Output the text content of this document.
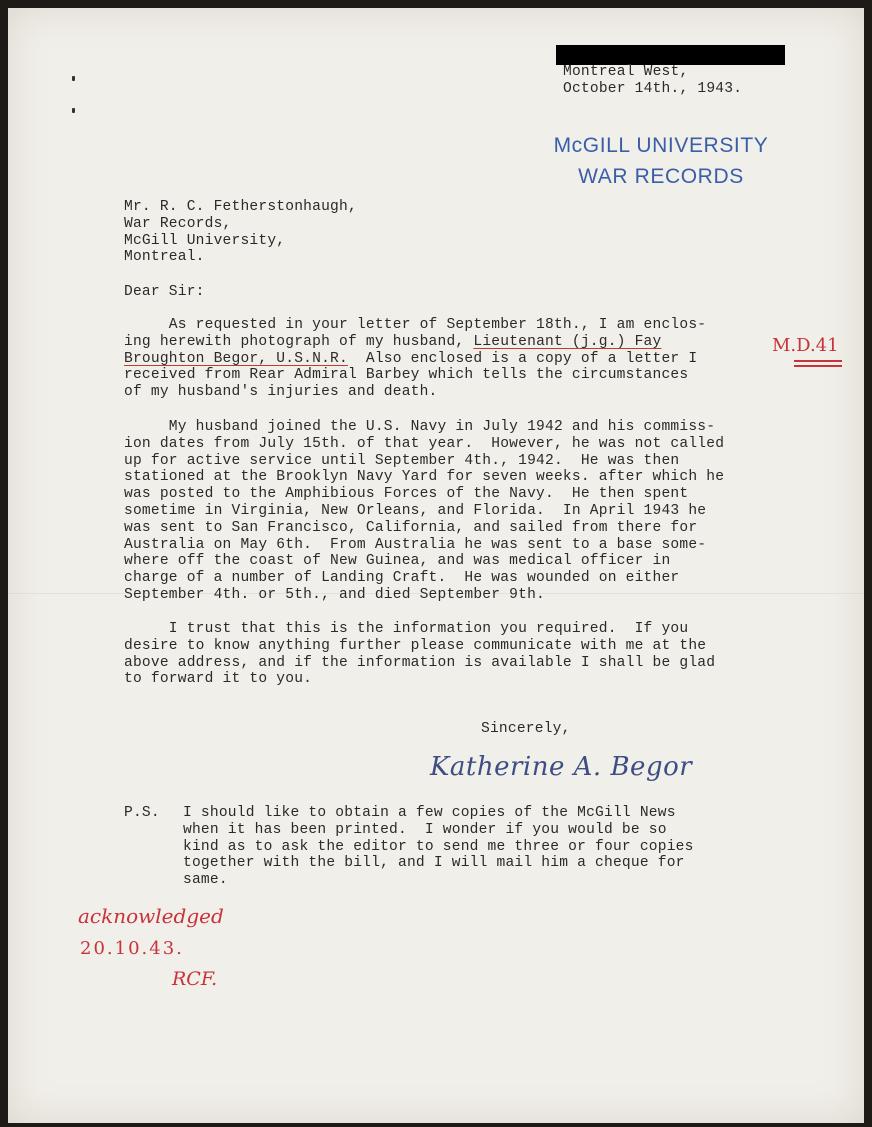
Montreal West,
October 14th., 1943.
McGILL UNIVERSITY
WAR RECORDS
Mr. R. C. Fetherstonhaugh,
War Records,
McGill University,
Montreal.
Dear Sir:
As requested in your letter of September 18th., I am enclos-
ing herewith photograph of my husband, Lieutenant (j.g.) Fay
Broughton Begor, U.S.N.R.  Also enclosed is a copy of a letter I
received from Rear Admiral Barbey which tells the circumstances
of my husband's injuries and death.
M.D.41
My husband joined the U.S. Navy in July 1942 and his commiss-
ion dates from July 15th. of that year.  However, he was not called
up for active service until September 4th., 1942.  He was then
stationed at the Brooklyn Navy Yard for seven weeks. after which he
was posted to the Amphibious Forces of the Navy.  He then spent
sometime in Virginia, New Orleans, and Florida.  In April 1943 he
was sent to San Francisco, California, and sailed from there for
Australia on May 6th.  From Australia he was sent to a base some-
where off the coast of New Guinea, and was medical officer in
charge of a number of Landing Craft.  He was wounded on either
September 4th. or 5th., and died September 9th.
I trust that this is the information you required.  If you
desire to know anything further please communicate with me at the
above address, and if the information is available I shall be glad
to forward it to you.
Sincerely,
Katherine A. Begor
P.S. I should like to obtain a few copies of the McGill News
when it has been printed.  I wonder if you would be so
kind as to ask the editor to send me three or four copies
together with the bill, and I will mail him a cheque for
same.
acknowledged
20.10.43.
RCF.
